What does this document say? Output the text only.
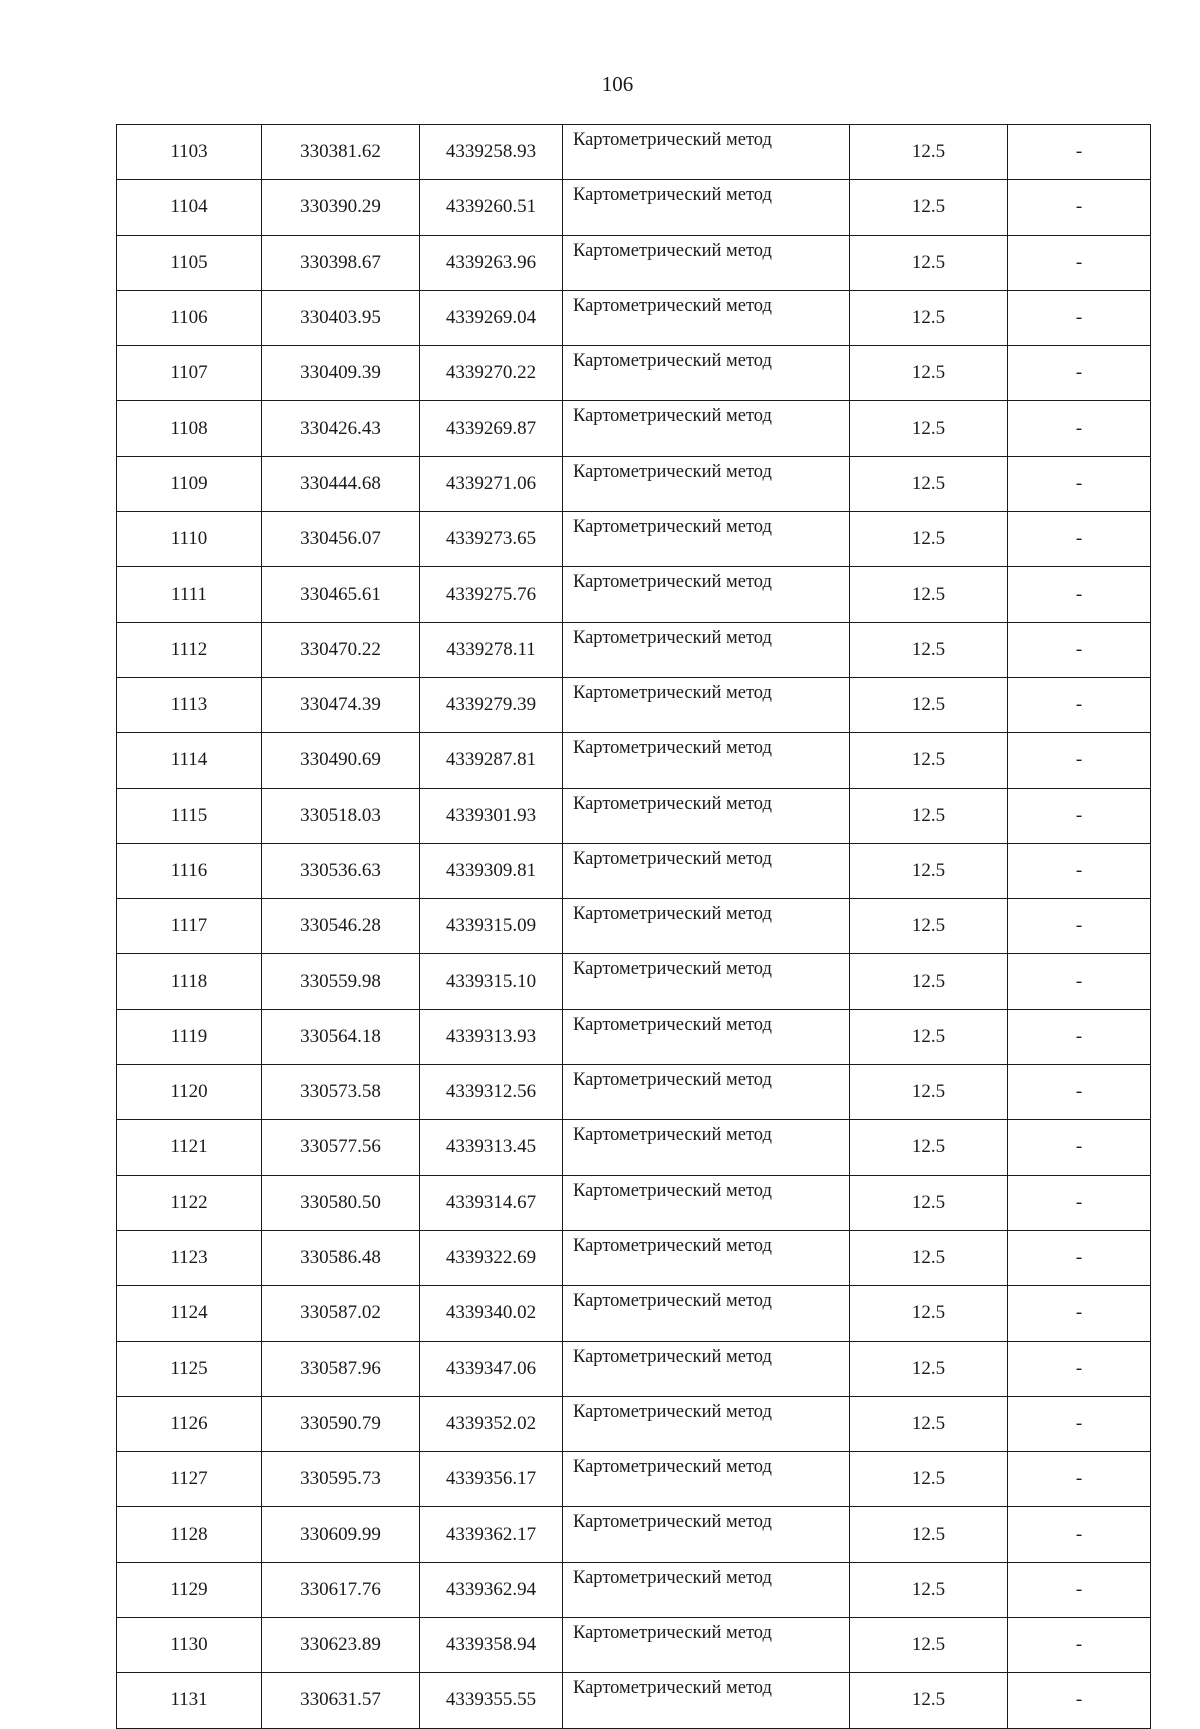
106
1103	330381.62	4339258.93	Картометрический метод	12.5	-
1104	330390.29	4339260.51	Картометрический метод	12.5	-
1105	330398.67	4339263.96	Картометрический метод	12.5	-
1106	330403.95	4339269.04	Картометрический метод	12.5	-
1107	330409.39	4339270.22	Картометрический метод	12.5	-
1108	330426.43	4339269.87	Картометрический метод	12.5	-
1109	330444.68	4339271.06	Картометрический метод	12.5	-
1110	330456.07	4339273.65	Картометрический метод	12.5	-
1111	330465.61	4339275.76	Картометрический метод	12.5	-
1112	330470.22	4339278.11	Картометрический метод	12.5	-
1113	330474.39	4339279.39	Картометрический метод	12.5	-
1114	330490.69	4339287.81	Картометрический метод	12.5	-
1115	330518.03	4339301.93	Картометрический метод	12.5	-
1116	330536.63	4339309.81	Картометрический метод	12.5	-
1117	330546.28	4339315.09	Картометрический метод	12.5	-
1118	330559.98	4339315.10	Картометрический метод	12.5	-
1119	330564.18	4339313.93	Картометрический метод	12.5	-
1120	330573.58	4339312.56	Картометрический метод	12.5	-
1121	330577.56	4339313.45	Картометрический метод	12.5	-
1122	330580.50	4339314.67	Картометрический метод	12.5	-
1123	330586.48	4339322.69	Картометрический метод	12.5	-
1124	330587.02	4339340.02	Картометрический метод	12.5	-
1125	330587.96	4339347.06	Картометрический метод	12.5	-
1126	330590.79	4339352.02	Картометрический метод	12.5	-
1127	330595.73	4339356.17	Картометрический метод	12.5	-
1128	330609.99	4339362.17	Картометрический метод	12.5	-
1129	330617.76	4339362.94	Картометрический метод	12.5	-
1130	330623.89	4339358.94	Картометрический метод	12.5	-
1131	330631.57	4339355.55	Картометрический метод	12.5	-
